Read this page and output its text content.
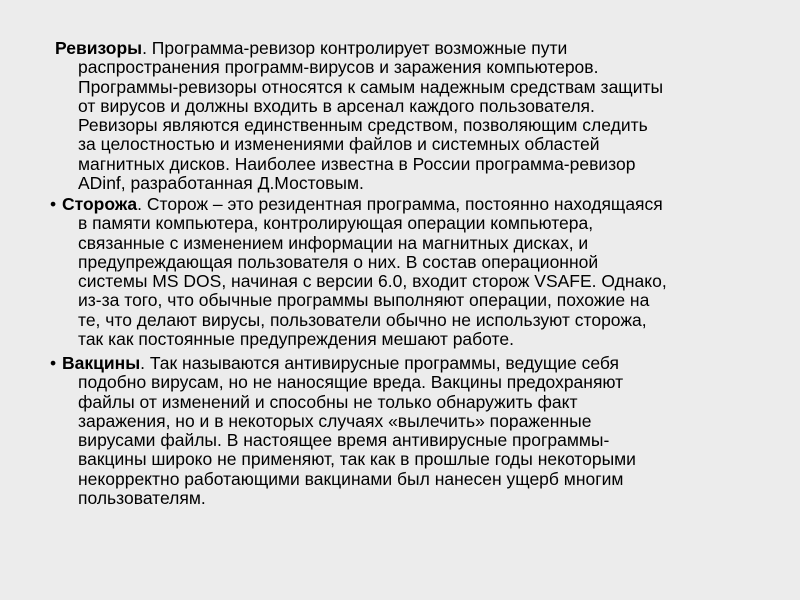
Ревизоры. Программа-ревизор контролирует возможные пути
распространения программ-вирусов и заражения компьютеров.
Программы-ревизоры относятся к самым надежным средствам защиты
от вирусов и должны входить в арсенал каждого пользователя.
Ревизоры являются единственным средством, позволяющим следить
за целостностью и изменениями файлов и системных областей
магнитных дисков. Наиболее известна в России программа-ревизор
ADinf, разработанная Д.Мостовым.
• Сторожа. Сторож – это резидентная программа, постоянно находящаяся
в памяти компьютера, контролирующая операции компьютера,
связанные с изменением информации на магнитных дисках, и
предупреждающая пользователя о них. В состав операционной
системы MS DOS, начиная с версии 6.0, входит сторож VSAFE. Однако,
из-за того, что обычные программы выполняют операции, похожие на
те, что делают вирусы, пользователи обычно не используют сторожа,
так как постоянные предупреждения мешают работе.
• Вакцины. Так называются антивирусные программы, ведущие себя
подобно вирусам, но не наносящие вреда. Вакцины предохраняют
файлы от изменений и способны не только обнаружить факт
заражения, но и в некоторых случаях «вылечить» пораженные
вирусами файлы. В настоящее время антивирусные программы-
вакцины широко не применяют, так как в прошлые годы некоторыми
некорректно работающими вакцинами был нанесен ущерб многим
пользователям.
